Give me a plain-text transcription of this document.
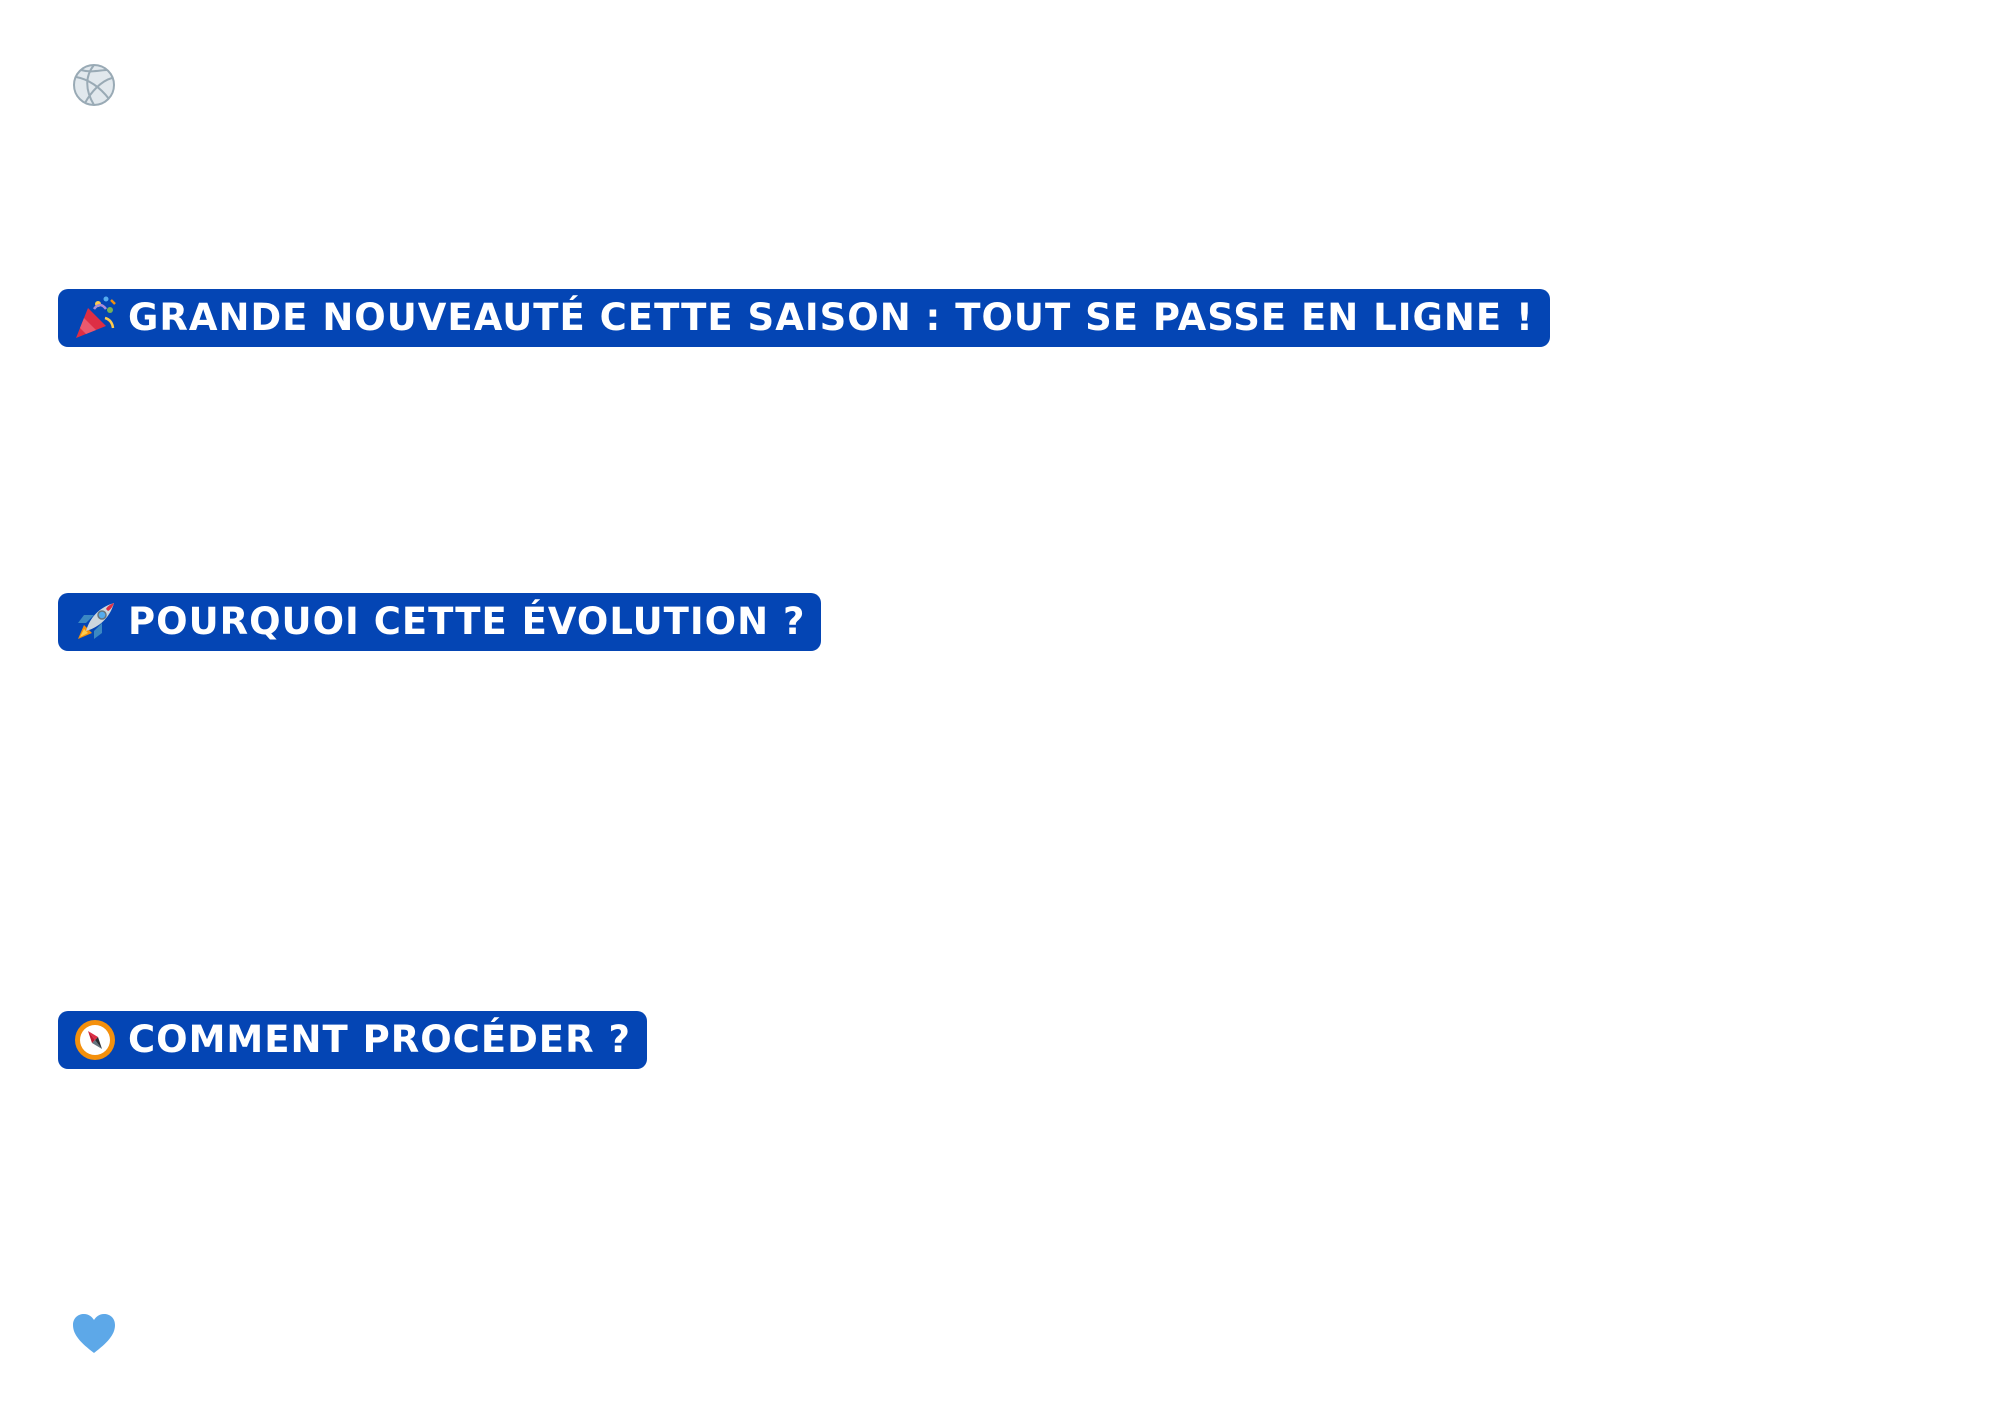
GRANDE NOUVEAUTÉ CETTE SAISON : TOUT SE PASSE EN LIGNE !
POURQUOI CETTE ÉVOLUTION ?
COMMENT PROCÉDER ?
